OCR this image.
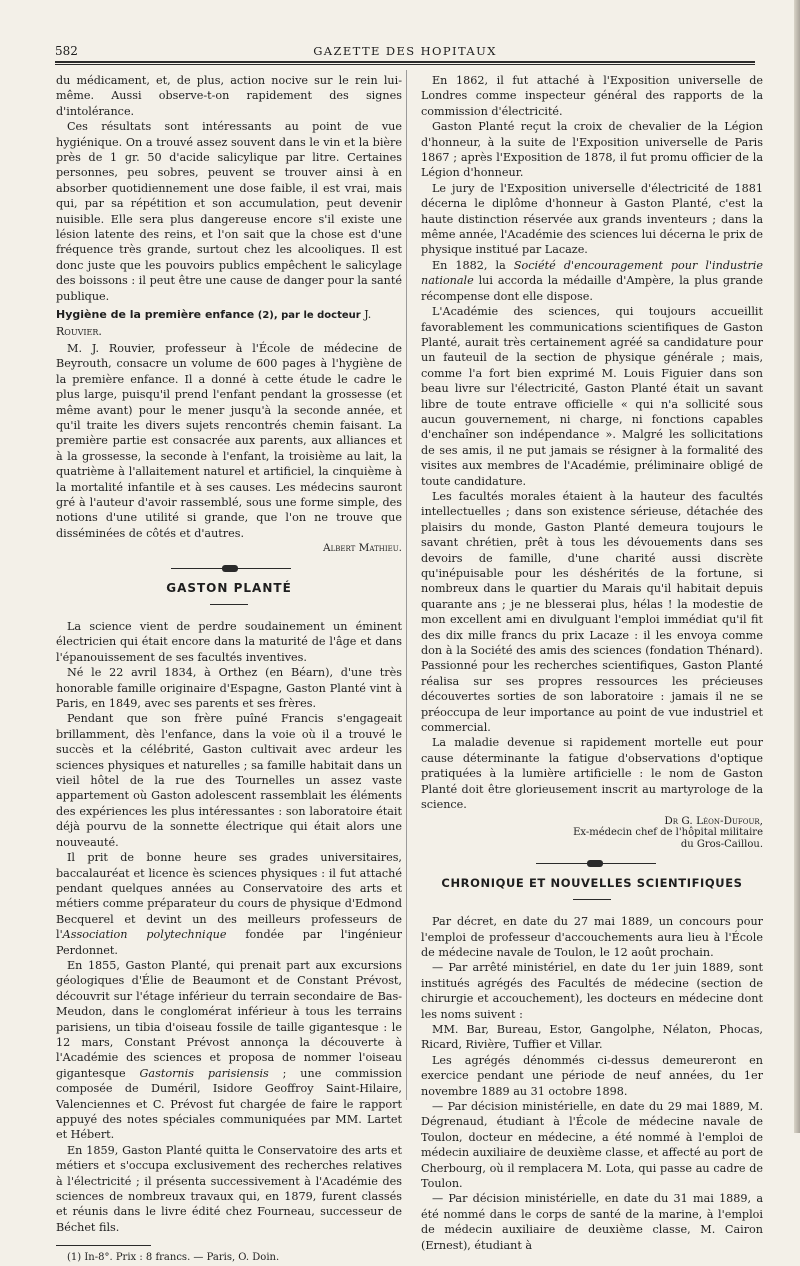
582	GAZETTE DES HOPITAUX

du médicament, et, de plus, action nocive sur le rein lui-même. Aussi observe-t-on rapidement des signes d'intolérance.

Ces résultats sont intéressants au point de vue hygiénique. On a trouvé assez souvent dans le vin et la bière près de 1 gr. 50 d'acide salicylique par litre. Certaines personnes, peu sobres, peuvent se trouver ainsi à en absorber quotidiennement une dose faible, il est vrai, mais qui, par sa répétition et son accumulation, peut devenir nuisible. Elle sera plus dangereuse encore s'il existe une lésion latente des reins, et l'on sait que la chose est d'une fréquence très grande, surtout chez les alcooliques. Il est donc juste que les pouvoirs publics empêchent le salicylage des boissons : il peut être une cause de danger pour la santé publique.

Hygiène de la première enfance (2), par le docteur J. Rouvier.

M. J. Rouvier, professeur à l'École de médecine de Beyrouth, consacre un volume de 600 pages à l'hygiène de la première enfance. Il a donné à cette étude le cadre le plus large, puisqu'il prend l'enfant pendant la grossesse (et même avant) pour le mener jusqu'à la seconde année, et qu'il traite les divers sujets rencontrés chemin faisant. La première partie est consacrée aux parents, aux alliances et à la grossesse, la seconde à l'enfant, la troisième au lait, la quatrième à l'allaitement naturel et artificiel, la cinquième à la mortalité infantile et à ses causes. Les médecins sauront gré à l'auteur d'avoir rassemblé, sous une forme simple, des notions d'une utilité si grande, que l'on ne trouve que disséminées de côtés et d'autres.

Albert Mathieu.

GASTON PLANTÉ

La science vient de perdre soudainement un éminent électricien qui était encore dans la maturité de l'âge et dans l'épanouissement de ses facultés inventives.

Né le 22 avril 1834, à Orthez (en Béarn), d'une très honorable famille originaire d'Espagne, Gaston Planté vint à Paris, en 1849, avec ses parents et ses frères.

Pendant que son frère puîné Francis s'engageait brillamment, dès l'enfance, dans la voie où il a trouvé le succès et la célébrité, Gaston cultivait avec ardeur les sciences physiques et naturelles ; sa famille habitait dans un vieil hôtel de la rue des Tournelles un assez vaste appartement où Gaston adolescent rassemblait les éléments des expériences les plus intéressantes : son laboratoire était déjà pourvu de la sonnette électrique qui était alors une nouveauté.

Il prit de bonne heure ses grades universitaires, baccalauréat et licence ès sciences physiques : il fut attaché pendant quelques années au Conservatoire des arts et métiers comme préparateur du cours de physique d'Edmond Becquerel et devint un des meilleurs professeurs de l'Association polytechnique fondée par l'ingénieur Perdonnet.

En 1855, Gaston Planté, qui prenait part aux excursions géologiques d'Élie de Beaumont et de Constant Prévost, découvrit sur l'étage inférieur du terrain secondaire de Bas-Meudon, dans le conglomérat inférieur à tous les terrains parisiens, un tibia d'oiseau fossile de taille gigantesque : le 12 mars, Constant Prévost annonça la découverte à l'Académie des sciences et proposa de nommer l'oiseau gigantesque Gastornis parisiensis ; une commission composée de Duméril, Isidore Geoffroy Saint-Hilaire, Valenciennes et C. Prévost fut chargée de faire le rapport appuyé des notes spéciales communiquées par MM. Lartet et Hébert.

En 1859, Gaston Planté quitta le Conservatoire des arts et métiers et s'occupa exclusivement des recherches relatives à l'électricité ; il présenta successivement à l'Académie des sciences de nombreux travaux qui, en 1879, furent classés et réunis dans le livre édité chez Fourneau, successeur de Béchet fils.

(1) In-8°. Prix : 8 francs. — Paris, O. Doin.

En 1862, il fut attaché à l'Exposition universelle de Londres comme inspecteur général des rapports de la commission d'électricité.

Gaston Planté reçut la croix de chevalier de la Légion d'honneur, à la suite de l'Exposition universelle de Paris 1867 ; après l'Exposition de 1878, il fut promu officier de la Légion d'honneur.

Le jury de l'Exposition universelle d'électricité de 1881 décerna le diplôme d'honneur à Gaston Planté, c'est la haute distinction réservée aux grands inventeurs ; dans la même année, l'Académie des sciences lui décerna le prix de physique institué par Lacaze.

En 1882, la Société d'encouragement pour l'industrie nationale lui accorda la médaille d'Ampère, la plus grande récompense dont elle dispose.

L'Académie des sciences, qui toujours accueillit favorablement les communications scientifiques de Gaston Planté, aurait très certainement agréé sa candidature pour un fauteuil de la section de physique générale ; mais, comme l'a fort bien exprimé M. Louis Figuier dans son beau livre sur l'électricité, Gaston Planté était un savant libre de toute entrave officielle « qui n'a sollicité sous aucun gouvernement, ni charge, ni fonctions capables d'enchaîner son indépendance ». Malgré les sollicitations de ses amis, il ne put jamais se résigner à la formalité des visites aux membres de l'Académie, préliminaire obligé de toute candidature.

Les facultés morales étaient à la hauteur des facultés intellectuelles ; dans son existence sérieuse, détachée des plaisirs du monde, Gaston Planté demeura toujours le savant chrétien, prêt à tous les dévouements dans ses devoirs de famille, d'une charité aussi discrète qu'inépuisable pour les déshérités de la fortune, si nombreux dans le quartier du Marais qu'il habitait depuis quarante ans ; je ne blesserai plus, hélas ! la modestie de mon excellent ami en divulguant l'emploi immédiat qu'il fit des dix mille francs du prix Lacaze : il les envoya comme don à la Société des amis des sciences (fondation Thénard). Passionné pour les recherches scientifiques, Gaston Planté réalisa sur ses propres ressources les précieuses découvertes sorties de son laboratoire : jamais il ne se préoccupa de leur importance au point de vue industriel et commercial.

La maladie devenue si rapidement mortelle eut pour cause déterminante la fatigue d'observations d'optique pratiquées à la lumière artificielle : le nom de Gaston Planté doit être glorieusement inscrit au martyrologe de la science.

Dr G. Léon-Dufour,
Ex-médecin chef de l'hôpital militaire
du Gros-Caillou.
CHRONIQUE ET NOUVELLES SCIENTIFIQUES

Par décret, en date du 27 mai 1889, un concours pour l'emploi de professeur d'accouchements aura lieu à l'École de médecine navale de Toulon, le 12 août prochain.

— Par arrêté ministériel, en date du 1er juin 1889, sont institués agrégés des Facultés de médecine (section de chirurgie et accouchement), les docteurs en médecine dont les noms suivent :

MM. Bar, Bureau, Estor, Gangolphe, Nélaton, Phocas, Ricard, Rivière, Tuffier et Villar.

Les agrégés dénommés ci-dessus demeureront en exercice pendant une période de neuf années, du 1er novembre 1889 au 31 octobre 1898.

— Par décision ministérielle, en date du 29 mai 1889, M. Dégrenaud, étudiant à l'École de médecine navale de Toulon, docteur en médecine, a été nommé à l'emploi de médecin auxiliaire de deuxième classe, et affecté au port de Cherbourg, où il remplacera M. Lota, qui passe au cadre de Toulon.

— Par décision ministérielle, en date du 31 mai 1889, a été nommé dans le corps de santé de la marine, à l'emploi de médecin auxiliaire de deuxième classe, M. Cairon (Ernest), étudiant à
